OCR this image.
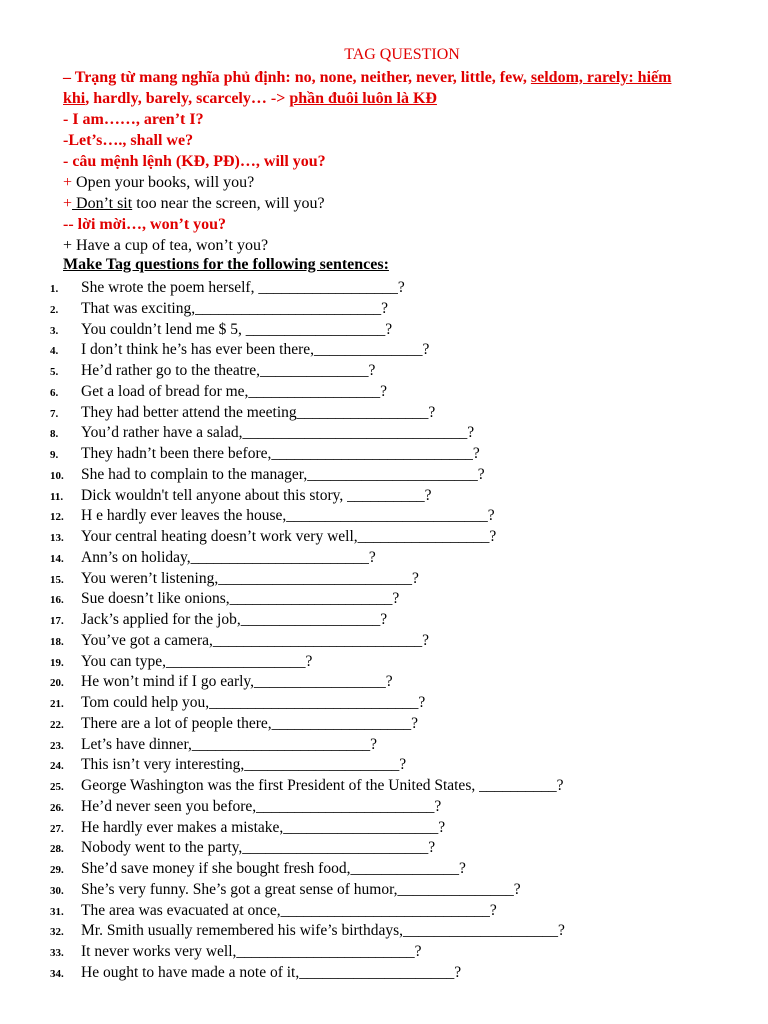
TAG QUESTION
– Trạng từ mang nghĩa phủ định: no, none, neither, never, little, few, seldom, rarely: hiếm
khi, hardly, barely, scarcely… -> phần đuôi luôn là KĐ
- I am……, aren’t I?
-Let’s…., shall we?
- câu mệnh lệnh (KĐ, PĐ)…, will you?
+ Open your books, will you?
+ Don’t sit too near the screen, will you?
-- lời mời…, won’t you?
+ Have a cup of tea, won’t you?
Make Tag questions for the following sentences:
1.	She wrote the poem herself, __________________?
2.	That was exciting,________________________?
3.	You couldn’t lend me $ 5, __________________?
4.	I don’t think he’s has ever been there,______________?
5.	He’d rather go to the theatre,______________?
6.	Get a load of bread for me,_________________?
7.	They had better attend the meeting_________________?
8.	You’d rather have a salad,_____________________________?
9.	They hadn’t been there before,__________________________?
10.	She had to complain to the manager,______________________?
11.	Dick wouldn't tell anyone about this story, __________?
12.	H e hardly ever leaves the house,__________________________?
13.	Your central heating doesn’t work very well,_________________?
14.	Ann’s on holiday,_______________________?
15.	You weren’t listening,_________________________?
16.	Sue doesn’t like onions,_____________________?
17.	Jack’s applied for the job,__________________?
18.	You’ve got a camera,___________________________?
19.	You can type,__________________?
20.	He won’t mind if I go early,_________________?
21.	Tom could help you,___________________________?
22.	There are a lot of people there,__________________?
23.	Let’s have dinner,_______________________?
24.	This isn’t very interesting,____________________?
25.	George Washington was the first President of the United States, __________?
26.	He’d never seen you before,_______________________?
27.	He hardly ever makes a mistake,____________________?
28.	Nobody went to the party,________________________?
29.	She’d save money if she bought fresh food,______________?
30.	She’s very funny. She’s got a great sense of humor,_______________?
31.	The area was evacuated at once,___________________________?
32.	Mr. Smith usually remembered his wife’s birthdays,____________________?
33.	It never works very well,_______________________?
34.	He ought to have made a note of it,____________________?
